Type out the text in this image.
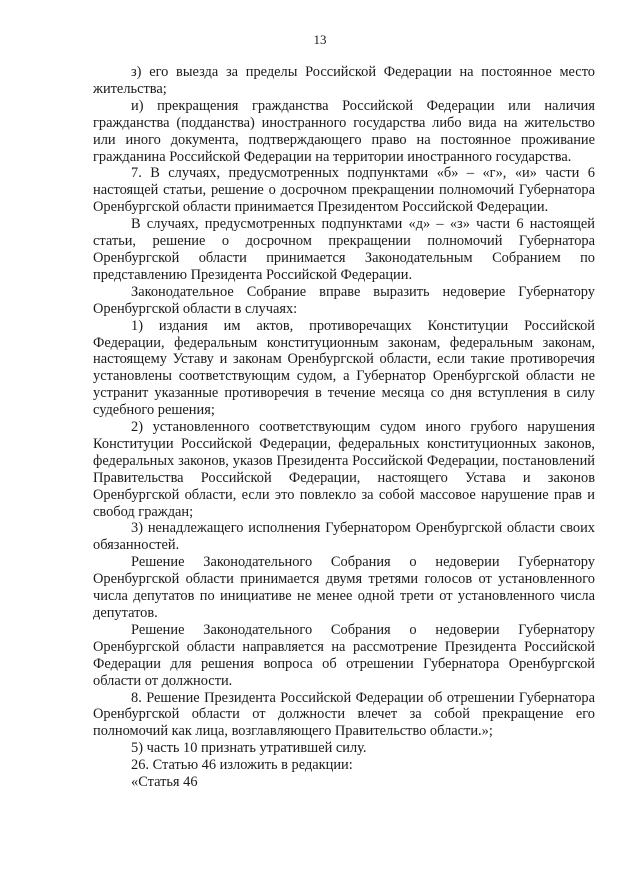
13

з) его выезда за пределы Российской Федерации на постоянное место жительства;

и) прекращения гражданства Российской Федерации или наличия гражданства (подданства) иностранного государства либо вида на жительство или иного документа, подтверждающего право на постоянное проживание гражданина Российской Федерации на территории иностранного государства.

7. В случаях, предусмотренных подпунктами «б» – «г», «и» части 6 настоящей статьи, решение о досрочном прекращении полномочий Губернатора Оренбургской области принимается Президентом Российской Федерации.

В случаях, предусмотренных подпунктами «д» – «з» части 6 настоящей статьи, решение о досрочном прекращении полномочий Губернатора Оренбургской области принимается Законодательным Собранием по представлению Президента Российской Федерации.

Законодательное Собрание вправе выразить недоверие Губернатору Оренбургской области в случаях:

1) издания им актов, противоречащих Конституции Российской Федерации, федеральным конституционным законам, федеральным законам, настоящему Уставу и законам Оренбургской области, если такие противоречия установлены соответствующим судом, а Губернатор Оренбургской области не устранит указанные противоречия в течение месяца со дня вступления в силу судебного решения;

2) установленного соответствующим судом иного грубого нарушения Конституции Российской Федерации, федеральных конституционных законов, федеральных законов, указов Президента Российской Федерации, постановлений Правительства Российской Федерации, настоящего Устава и законов Оренбургской области, если это повлекло за собой массовое нарушение прав и свобод граждан;

3) ненадлежащего исполнения Губернатором Оренбургской области своих обязанностей.

Решение Законодательного Собрания о недоверии Губернатору Оренбургской области принимается двумя третями голосов от установленного числа депутатов по инициативе не менее одной трети от установленного числа депутатов.

Решение Законодательного Собрания о недоверии Губернатору Оренбургской области направляется на рассмотрение Президента Российской Федерации для решения вопроса об отрешении Губернатора Оренбургской области от должности.

8. Решение Президента Российской Федерации об отрешении Губернатора Оренбургской области от должности влечет за собой прекращение его полномочий как лица, возглавляющего Правительство области.»;

5) часть 10 признать утратившей силу.

26. Статью 46 изложить в редакции:

«Статья 46
